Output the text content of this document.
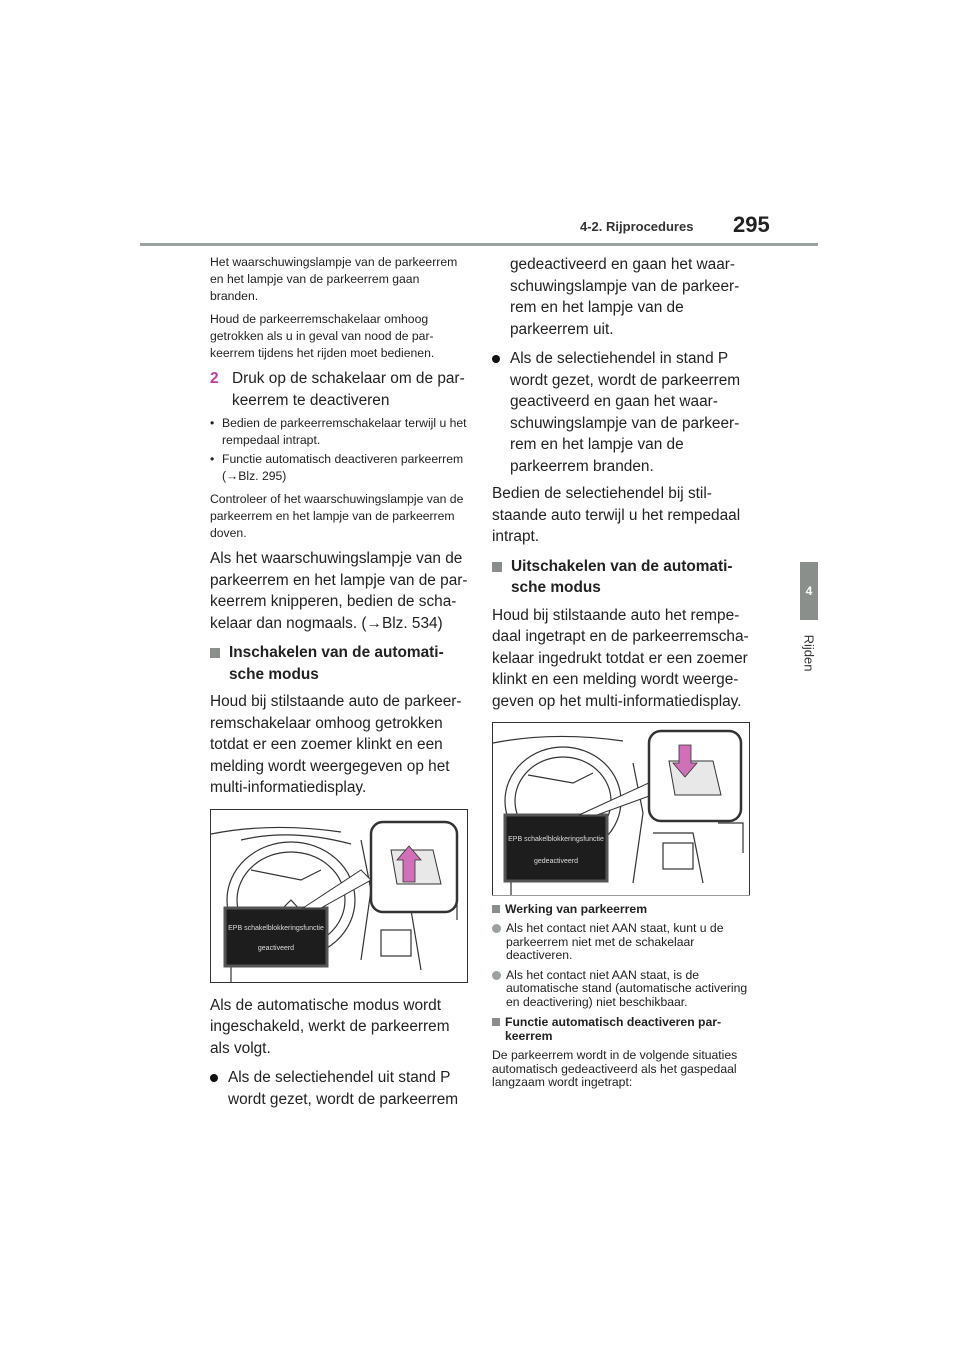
4-2. Rijprocedures 295
4
Rijden

Het waarschuwingslampje van de parkeerrem en het lampje van de parkeerrem gaan branden.

Houd de parkeerremschakelaar omhoog getrokken als u in geval van nood de parkeerrem tijdens het rijden moet bedienen.

2 Druk op de schakelaar om de parkeerrem te deactiveren
• Bedien de parkeerremschakelaar terwijl u het rempedaal intrapt.
• Functie automatisch deactiveren parkeerrem (→Blz. 295)

Controleer of het waarschuwingslampje van de parkeerrem en het lampje van de parkeerrem doven.

Als het waarschuwingslampje van de parkeerrem en het lampje van de parkeerrem knipperen, bedien de schakelaar dan nogmaals. (→Blz. 534)

Inschakelen van de automatische modus

Houd bij stilstaande auto de parkeerremschakelaar omhoog getrokken totdat er een zoemer klinkt en een melding wordt weergegeven op het multi-informatiedisplay.

EPB schakelblokkeringsfunctie
geactiveerd

Als de automatische modus wordt ingeschakeld, werkt de parkeerrem als volgt.

Als de selectiehendel uit stand P wordt gezet, wordt de parkeerrem

gedeactiveerd en gaan het waarschuwingslampje van de parkeerrem en het lampje van de parkeerrem uit.

Als de selectiehendel in stand P wordt gezet, wordt de parkeerrem geactiveerd en gaan het waarschuwingslampje van de parkeerrem en het lampje van de parkeerrem branden.

Bedien de selectiehendel bij stilstaande auto terwijl u het rempedaal intrapt.

Uitschakelen van de automatische modus

Houd bij stilstaande auto het rempedaal ingetrapt en de parkeerremschakelaar ingedrukt totdat er een zoemer klinkt en een melding wordt weergegeven op het multi-informatiedisplay.

EPB schakelblokkeringsfunctie
gedeactiveerd
Werking van parkeerrem
Als het contact niet AAN staat, kunt u de parkeerrem niet met de schakelaar deactiveren.
Als het contact niet AAN staat, is de automatische stand (automatische activering en deactivering) niet beschikbaar.
Functie automatisch deactiveren parkeerrem

De parkeerrem wordt in de volgende situaties automatisch gedeactiveerd als het gaspedaal langzaam wordt ingetrapt:
